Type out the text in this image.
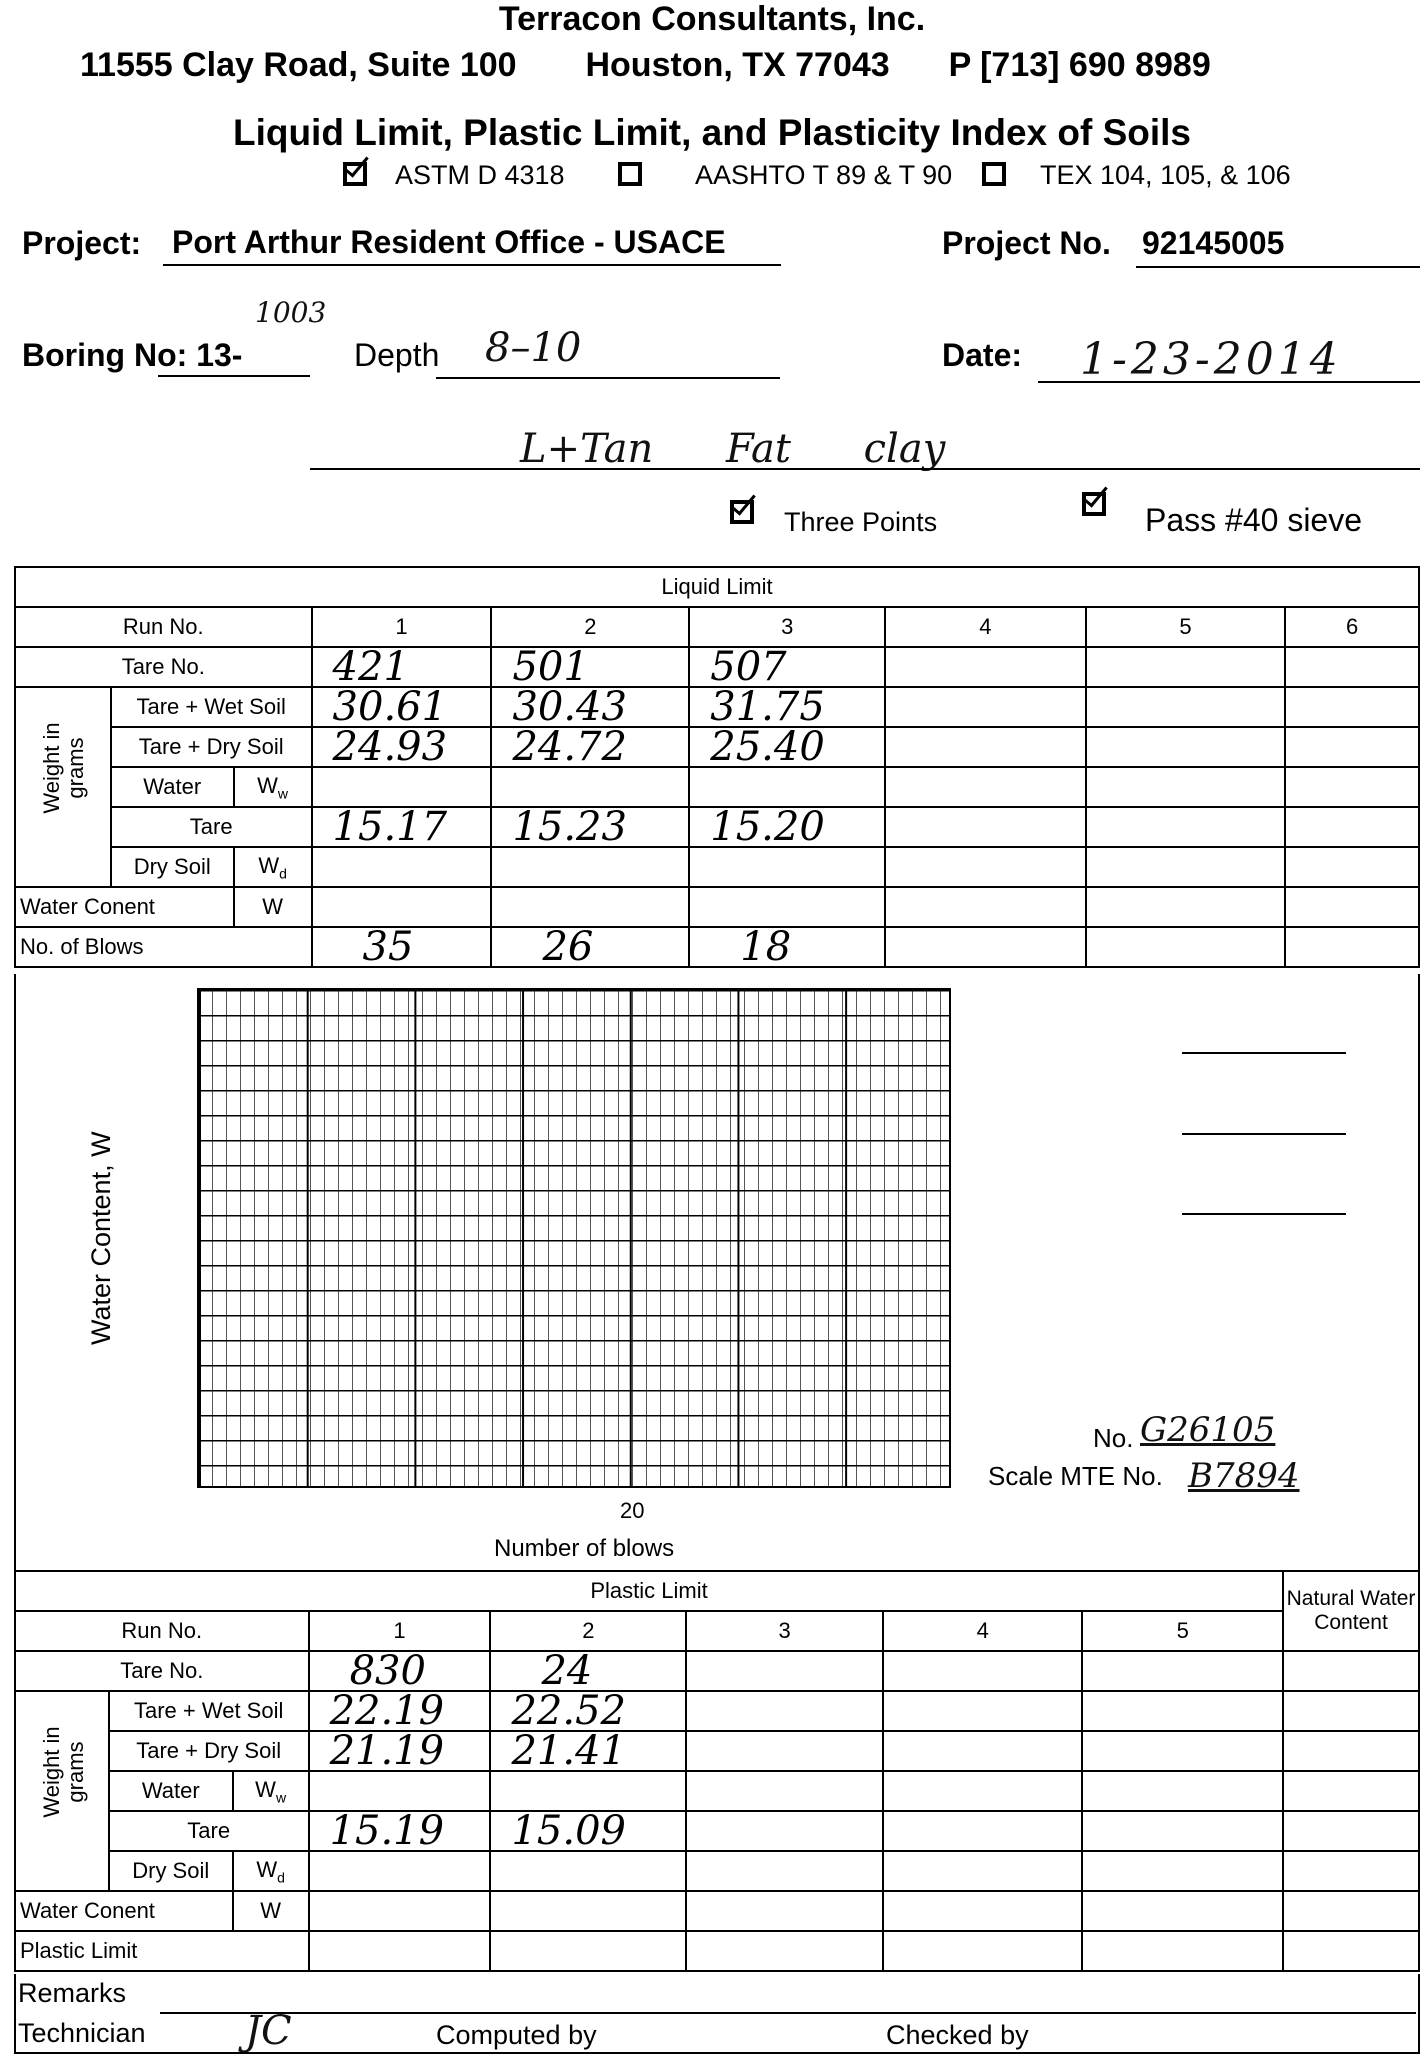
Terracon Consultants, Inc.
11555 Clay Road, Suite 100 Houston, TX 77043 P [713] 690 8989
Liquid Limit, Plastic Limit, and Plasticity Index of Soils
ASTM D 4318	AASHTO T 89 & T 90	TEX 104, 105, & 106
Project: Port Arthur Resident Office - USACE	Project No. 92145005
1003
Boring No: 13-	Depth 8–10	Date: 1-23-2014
L+Tan Fat clay
Three Points	Pass #40 sieve
Liquid Limit								
Run No.			1	2	3	4	5	6
Tare No.			421	501	507			

Weight in grams	Tare + Wet Soil		30.61	30.43	31.75			
	Tare + Dry Soil		24.93	24.72	25.40			
	Water	$W_w$						
	Tare		15.17	15.23	15.20			
	Dry Soil	$W_d$						
Water Conent		W						
No. of Blows			35	26	18			
Water Content, W
20
Number of blows
No. G26105
Scale MTE No. B7894
Plastic Limit								Natural Water Content
Run No.			1	2	3	4	5	
Tare No.			830	24				

Weight in grams	Tare + Wet Soil		22.19	22.52				
	Tare + Dry Soil		21.19	21.41				
	Water	$W_w$						
	Tare		15.19	15.09				
	Dry Soil	$W_d$						
Water Conent		W						
Plastic Limit								
Remarks
Technician JC	Computed by	Checked by
